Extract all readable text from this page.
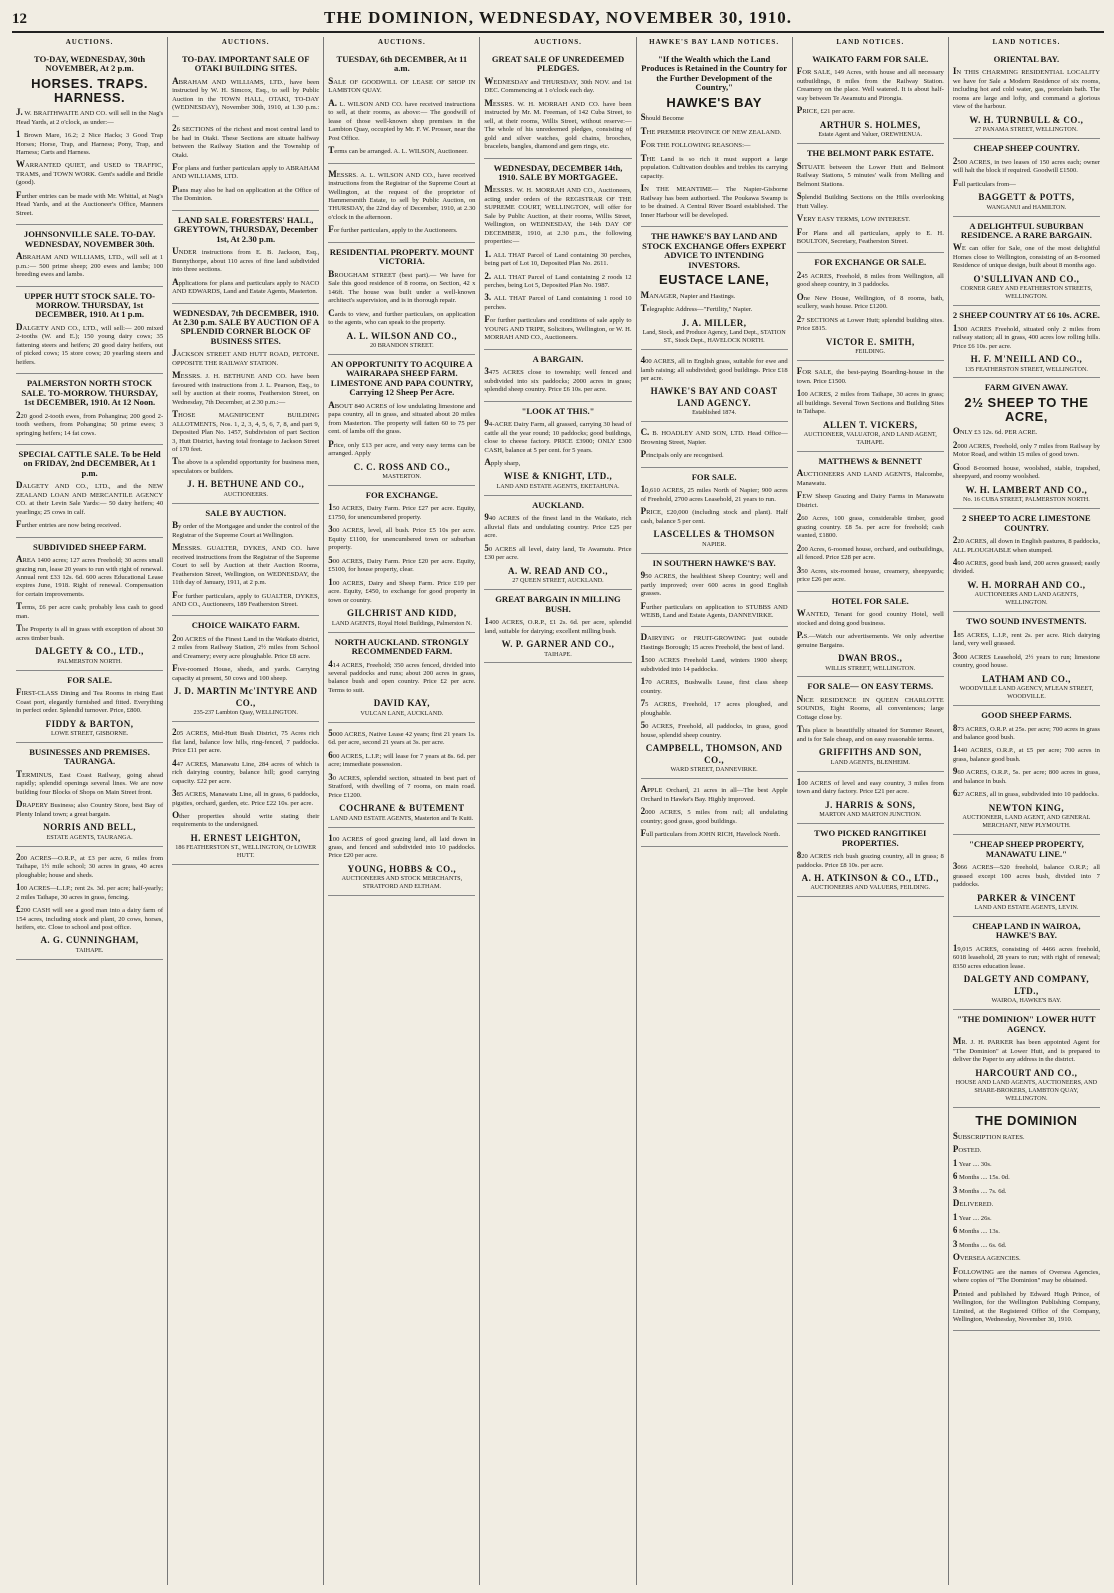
12	THE DOMINION, WEDNESDAY, NOVEMBER 30, 1910.
AUCTIONS.
TO-DAY, WEDNESDAY, 30th NOVEMBER, At 2 p.m.
HORSES. TRAPS. HARNESS.

J. W. BRAITHWAITE AND CO. will sell in the Nag's Head Yards, at 2 o'clock, as under:—

1 Brown Mare, 16.2; 2 Nice Hacks; 3 Good Trap Horses; Horse, Trap, and Harness; Pony, Trap, and Harness; Carts and Harness.

WARRANTED QUIET, and USED to TRAFFIC, TRAMS, and TOWN WORK. Gent's saddle and Bridle (good).

Further entries can be made with Mr. Whittal, at Nag's Head Yards, and at the Auctioneer's Office, Manners Street.

JOHNSONVILLE SALE. TO-DAY. WEDNESDAY, NOVEMBER 30th.

ABRAHAM AND WILLIAMS, LTD., will sell at 1 p.m.:— 500 prime sheep; 200 ewes and lambs; 100 breeding ewes and lambs.

UPPER HUTT STOCK SALE. TO-MORROW. THURSDAY, 1st DECEMBER, 1910. At 1 p.m.

DALGETY AND CO., LTD., will sell:— 200 mixed 2-tooths (W. and E.); 150 young dairy cows; 35 fattening steers and heifers; 20 good dairy heifers, out of picked cows; 15 store cows; 20 yearling steers and heifers.

PALMERSTON NORTH STOCK SALE. TO-MORROW. THURSDAY, 1st DECEMBER, 1910. At 12 Noon.

220 good 2-tooth ewes, from Pohangina; 200 good 2-tooth wethers, from Pohangina; 50 prime ewes; 3 springing heifers; 14 fat cows.

SPECIAL CATTLE SALE. To be Held on FRIDAY, 2nd DECEMBER, At 1 p.m.

DALGETY AND CO., LTD., and the NEW ZEALAND LOAN AND MERCANTILE AGENCY CO. at their Levin Sale Yards:— 50 dairy heifers; 40 yearlings; 25 cows in calf.

Further entries are now being received.

SUBDIVIDED SHEEP FARM.

AREA 1400 acres; 127 acres Freehold; 30 acres small grazing run, lease 20 years to run with right of renewal. Annual rent £33 12s. 6d. 600 acres Educational Lease expires June, 1918. Right of renewal. Compensation for certain improvements.

Terms, £6 per acre cash; probably less cash to good man.

The Property is all in grass with exception of about 30 acres timber bush.

DALGETY & CO., LTD.,
PALMERSTON NORTH.
FOR SALE.

FIRST-CLASS Dining and Tea Rooms in rising East Coast port, elegantly furnished and fitted. Everything in perfect order. Splendid turnover. Price, £800.

FIDDY & BARTON,
LOWE STREET, GISBORNE.
BUSINESSES AND PREMISES. TAURANGA.

TERMINUS, East Coast Railway, going ahead rapidly; splendid openings several lines. We are now building four Blocks of Shops on Main Street front.

DRAPERY Business; also Country Store, best Bay of Plenty Inland town; a great bargain.

NORRIS AND BELL,
ESTATE AGENTS, TAURANGA.

200 ACRES—O.R.P., at £3 per acre, 6 miles from Taihape, 1½ mile school; 30 acres in grass, 40 acres ploughable; house and sheds.

100 ACRES—L.I.P.; rent 2s. 3d. per acre; half-yearly; 2 miles Taihape, 30 acres in grass, fencing.

£200 CASH will see a good man into a dairy farm of 154 acres, including stock and plant, 20 cows, horses, heifers, etc. Close to school and post office.

A. G. CUNNINGHAM,
TAIHAPE.
AUCTIONS.
TO-DAY. IMPORTANT SALE OF OTAKI BUILDING SITES.

ABRAHAM AND WILLIAMS, LTD., have been instructed by W. H. Simcox, Esq., to sell by Public Auction in the TOWN HALL, OTAKI, TO-DAY (WEDNESDAY), November 30th, 1910, at 1.30 p.m.:—

26 SECTIONS of the richest and most central land to be had in Otaki. These Sections are situate halfway between the Railway Station and the Township of Otaki.

For plans and further particulars apply to ABRAHAM AND WILLIAMS, LTD.

Plans may also be had on application at the Office of The Dominion.

LAND SALE. FORESTERS' HALL, GREYTOWN, THURSDAY, December 1st, At 2.30 p.m.

UNDER instructions from E. B. Jackson, Esq., Bunnythorpe, about 110 acres of fine land subdivided into three sections.

Applications for plans and particulars apply to NACO AND EDWARDS, Land and Estate Agents, Masterton.

WEDNESDAY, 7th DECEMBER, 1910. At 2.30 p.m. SALE BY AUCTION OF A SPLENDID CORNER BLOCK OF BUSINESS SITES.

JACKSON STREET AND HUTT ROAD, PETONE. OPPOSITE THE RAILWAY STATION.

MESSRS. J. H. BETHUNE AND CO. have been favoured with instructions from J. L. Pearson, Esq., to sell by auction at their rooms, Featherston Street, on Wednesday, 7th December, at 2.30 p.m.:—

THOSE MAGNIFICENT BUILDING ALLOTMENTS, Nos. 1, 2, 3, 4, 5, 6, 7, 8, and part 9, Deposited Plan No. 1457, Subdivision of part Section 3, Hutt District, having total frontage to Jackson Street of 170 feet.

The above is a splendid opportunity for business men, speculators or builders.

J. H. BETHUNE AND CO.,
AUCTIONEERS.
SALE BY AUCTION.

By order of the Mortgagee and under the control of the Registrar of the Supreme Court at Wellington.

MESSRS. GUALTER, DYKES, AND CO. have received instructions from the Registrar of the Supreme Court to sell by Auction at their Auction Rooms, Featherston Street, Wellington, on WEDNESDAY, the 11th day of January, 1911, at 2 p.m.

For further particulars, apply to GUALTER, DYKES, AND CO., Auctioneers, 189 Featherston Street.

CHOICE WAIKATO FARM.

200 ACRES of the Finest Land in the Waikato district, 2 miles from Railway Station, 2½ miles from School and Creamery; every acre ploughable. Price £8 acre.

Five-roomed House, sheds, and yards. Carrying capacity at present, 50 cows and 100 sheep.

J. D. MARTIN Mc'INTYRE AND CO.,
235-237 Lambton Quay, WELLINGTON.

205 ACRES, Mid-Hutt Bush District, 75 Acres rich flat land, balance low hills, ring-fenced, 7 paddocks. Price £11 per acre.

447 ACRES, Manawatu Line, 284 acres of which is rich dairying country, balance hill; good carrying capacity. £22 per acre.

385 ACRES, Manawatu Line, all in grass, 6 paddocks, pigsties, orchard, garden, etc. Price £22 10s. per acre.

Other properties should write stating their requirements to the undersigned.

H. ERNEST LEIGHTON,
186 FEATHERSTON ST., WELLINGTON, Or LOWER HUTT.
AUCTIONS.
TUESDAY, 6th DECEMBER, At 11 a.m.

SALE OF GOODWILL OF LEASE OF SHOP IN LAMBTON QUAY.

A. L. WILSON AND CO. have received instructions to sell, at their rooms, as above:— The goodwill of lease of those well-known shop premises in the Lambton Quay, occupied by Mr. F. W. Prosser, near the Post Office.

Terms can be arranged. A. L. WILSON, Auctioneer.

MESSRS. A. L. WILSON AND CO., have received instructions from the Registrar of the Supreme Court at Wellington, at the request of the proprietor of Hammersmith Estate, to sell by Public Auction, on THURSDAY, the 22nd day of December, 1910, at 2.30 o'clock in the afternoon.

For further particulars, apply to the Auctioneers.

RESIDENTIAL PROPERTY. MOUNT VICTORIA.

BROUGHAM STREET (best part).— We have for Sale this good residence of 8 rooms, on Section, 42 x 146ft. The house was built under a well-known architect's supervision, and is in thorough repair.

Cards to view, and further particulars, on application to the agents, who can speak to the property.

A. L. WILSON AND CO.,
20 BRANDON STREET.
AN OPPORTUNITY TO ACQUIRE A WAIRARAPA SHEEP FARM. LIMESTONE AND PAPA COUNTRY, Carrying 12 Sheep Per Acre.

ABOUT 840 ACRES of low undulating limestone and papa country, all in grass, and situated about 20 miles from Masterton. The property will fatten 60 to 75 per cent. of lambs off the grass.

Price, only £13 per acre, and very easy terms can be arranged. Apply

C. C. ROSS AND CO.,
MASTERTON.
FOR EXCHANGE.

150 ACRES, Dairy Farm. Price £27 per acre. Equity, £1750, for unencumbered property.

300 ACRES, level, all bush. Price £5 10s per acre. Equity £1100, for unencumbered town or suburban property.

500 ACRES, Dairy Farm. Price £20 per acre. Equity, £5100, for house property, clear.

100 ACRES, Dairy and Sheep Farm. Price £19 per acre. Equity, £450, to exchange for good property in town or country.

GILCHRIST AND KIDD,
LAND AGENTS, Royal Hotel Buildings, Palmerston N.
NORTH AUCKLAND. STRONGLY RECOMMENDED FARM.

414 ACRES, Freehold; 350 acres fenced, divided into several paddocks and runs; about 200 acres in grass, balance bush and open country. Price £2 per acre. Terms to suit.

DAVID KAY,
VULCAN LANE, AUCKLAND.

5000 ACRES, Native Lease 42 years; first 21 years 1s. 6d. per acre, second 21 years at 3s. per acre.

600 ACRES, L.I.P.; will lease for 7 years at 8s. 6d. per acre; immediate possession.

30 ACRES, splendid section, situated in best part of Stratford, with dwelling of 7 rooms, on main road. Price £1200.

COCHRANE & BUTEMENT
LAND AND ESTATE AGENTS, Masterton and Te Kuiti.

100 ACRES of good grazing land, all laid down in grass, and fenced and subdivided into 10 paddocks. Price £20 per acre.

YOUNG, HOBBS & CO.,
AUCTIONEERS AND STOCK MERCHANTS, STRATFORD AND ELTHAM.
AUCTIONS.
GREAT SALE OF UNREDEEMED PLEDGES.

WEDNESDAY and THURSDAY, 30th NOV. and 1st DEC. Commencing at 1 o'clock each day.

MESSRS. W. H. MORRAH AND CO. have been instructed by Mr. M. Freeman, of 142 Cuba Street, to sell, at their rooms, Willis Street, without reserve:— The whole of his unredeemed pledges, consisting of gold and silver watches, gold chains, brooches, bracelets, bangles, diamond and gem rings, etc.

WEDNESDAY, DECEMBER 14th, 1910. SALE BY MORTGAGEE.

MESSRS. W. H. MORRAH AND CO., Auctioneers, acting under orders of the REGISTRAR OF THE SUPREME COURT, WELLINGTON, will offer for Sale by Public Auction, at their rooms, Willis Street, Wellington, on WEDNESDAY, the 14th DAY OF DECEMBER, 1910, at 2.30 p.m., the following properties:—

1. ALL THAT Parcel of Land containing 30 perches, being part of Lot 10, Deposited Plan No. 2611.

2. ALL THAT Parcel of Land containing 2 roods 12 perches, being Lot 5, Deposited Plan No. 1987.

3. ALL THAT Parcel of Land containing 1 rood 10 perches.

For further particulars and conditions of sale apply to YOUNG AND TRIPE, Solicitors, Wellington, or W. H. MORRAH AND CO., Auctioneers.

A BARGAIN.

3475 ACRES close to township; well fenced and subdivided into six paddocks; 2000 acres in grass; splendid sheep country. Price £6 10s. per acre.

"LOOK AT THIS."

94-ACRE Dairy Farm, all grassed, carrying 30 head of cattle all the year round; 10 paddocks; good buildings, close to cheese factory. PRICE £3900; ONLY £300 CASH, balance at 5 per cent. for 5 years.

Apply sharp,

WISE & KNIGHT, LTD.,
LAND AND ESTATE AGENTS, EKETAHUNA.
AUCKLAND.

940 ACRES of the finest land in the Waikato, rich alluvial flats and undulating country. Price £25 per acre.

50 ACRES all level, dairy land, Te Awamutu. Price £30 per acre.

A. W. READ AND CO.,
27 QUEEN STREET, AUCKLAND.
GREAT BARGAIN IN MILLING BUSH.

1400 ACRES, O.R.P., £1 2s. 6d. per acre, splendid land, suitable for dairying; excellent milling bush.

W. P. GARNER AND CO.,
TAIHAPE.
HAWKE'S BAY LAND NOTICES.
"If the Wealth which the Land Produces is Retained in the Country for the Further Development of the Country,"
HAWKE'S BAY

Should Become

THE PREMIER PROVINCE OF NEW ZEALAND.

FOR THE FOLLOWING REASONS:—

THE Land is so rich it must support a large population. Cultivation doubles and trebles its carrying capacity.

IN THE MEANTIME— The Napier-Gisborne Railway has been authorised. The Poukawa Swamp is to be drained. A Central River Board established. The Inner Harbour will be developed.

THE HAWKE'S BAY LAND AND STOCK EXCHANGE Offers EXPERT ADVICE TO INTENDING INVESTORS.
EUSTACE LANE,

MANAGER, Napier and Hastings.

Telegraphic Address—"Fertility," Napier.

J. A. MILLER,
Land, Stock, and Produce Agency, Land Dept., STATION ST., Stock Dept., HAVELOCK NORTH.

400 ACRES, all in English grass, suitable for ewe and lamb raising; all subdivided; good buildings. Price £18 per acre.

HAWKE'S BAY AND COAST LAND AGENCY.
Established 1874.

C. B. HOADLEY AND SON, LTD. Head Office—Browning Street, Napier.

Principals only are recognised.

FOR SALE.

10,610 ACRES, 25 miles North of Napier; 900 acres of Freehold, 2700 acres Leasehold, 21 years to run.

PRICE, £20,000 (including stock and plant). Half cash, balance 5 per cent.

LASCELLES & THOMSON
NAPIER.
IN SOUTHERN HAWKE'S BAY.

950 ACRES, the healthiest Sheep Country; well and partly improved; over 600 acres in good English grasses.

Further particulars on application to STUBBS AND WEBB, Land and Estate Agents, DANNEVIRKE.

DAIRYING or FRUIT-GROWING just outside Hastings Borough; 15 acres Freehold, the best of land.

1500 ACRES Freehold Land, winters 1900 sheep; subdivided into 14 paddocks.

170 ACRES, Bushwalls Lease, first class sheep country.

75 ACRES, Freehold, 17 acres ploughed, and ploughable.

50 ACRES, Freehold, all paddocks, in grass, good house, splendid sheep country.

CAMPBELL, THOMSON, AND CO.,
WARD STREET, DANNEVIRKE.

APPLE Orchard, 21 acres in all—The best Apple Orchard in Hawke's Bay. Highly improved.

2000 ACRES, 5 miles from rail; all undulating country; good grass, good buildings.

Full particulars from JOHN RICH, Havelock North.

LAND NOTICES.
WAIKATO FARM FOR SALE.

FOR SALE, 149 Acres, with house and all necessary outbuildings, 8 miles from the Railway Station. Creamery on the place. Well watered. It is about half-way between Te Awamutu and Pirongia.

PRICE, £21 per acre.

ARTHUR S. HOLMES,
Estate Agent and Valuer, OREWHENUA.
THE BELMONT PARK ESTATE.

SITUATE between the Lower Hutt and Belmont Railway Stations, 5 minutes' walk from Melling and Belmont Stations.

Splendid Building Sections on the Hills overlooking Hutt Valley.

VERY EASY TERMS, LOW INTEREST.

For Plans and all particulars, apply to E. H. BOULTON, Secretary, Featherston Street.

FOR EXCHANGE OR SALE.

245 ACRES, Freehold, 8 miles from Wellington, all good sheep country, in 3 paddocks.

One New House, Wellington, of 8 rooms, bath, scullery, wash house. Price £1200.

27 SECTIONS at Lower Hutt; splendid building sites. Price £815.

VICTOR E. SMITH,
FEILDING.

FOR SALE, the best-paying Boarding-house in the town. Price £1500.

100 ACRES, 2 miles from Taihape, 30 acres in grass; all buildings. Several Town Sections and Building Sites in Taihape.

ALLEN T. VICKERS,
AUCTIONEER, VALUATOR, AND LAND AGENT, TAIHAPE.
MATTHEWS & BENNETT

AUCTIONEERS AND LAND AGENTS, Halcombe, Manawatu.

FEW Sheep Grazing and Dairy Farms in Manawatu District.

260 Acres, 100 grass, considerable timber, good grazing country. £8 5s. per acre for freehold; cash wanted, £1800.

200 Acres, 6-roomed house, orchard, and outbuildings, all fenced. Price £28 per acre.

350 Acres, six-roomed house, creamery, sheepyards; price £26 per acre.

HOTEL FOR SALE.

WANTED, Tenant for good country Hotel, well stocked and doing good business.

P.S.—Watch our advertisements. We only advertise genuine Bargains.

DWAN BROS.,
WILLIS STREET, WELLINGTON.
FOR SALE— ON EASY TERMS.

NICE RESIDENCE IN QUEEN CHARLOTTE SOUNDS, Eight Rooms, all conveniences; large Cottage close by.

This place is beautifully situated for Summer Resort, and is for Sale cheap, and on easy reasonable terms.

GRIFFITHS AND SON,
LAND AGENTS, BLENHEIM.

100 ACRES of level and easy country, 3 miles from town and dairy factory. Price £21 per acre.

J. HARRIS & SONS,
MARTON AND MARTON JUNCTION.
TWO PICKED RANGITIKEI PROPERTIES.

820 ACRES rich bush grazing country, all in grass; 8 paddocks. Price £8 10s. per acre.

A. H. ATKINSON & CO., LTD.,
AUCTIONEERS AND VALUERS, FEILDING.
LAND NOTICES.
ORIENTAL BAY.

IN THIS CHARMING RESIDENTIAL LOCALITY we have for Sale a Modern Residence of six rooms, including hot and cold water, gas, porcelain bath. The rooms are large and lofty, and command a glorious view of the harbour.

W. H. TURNBULL & CO.,
27 PANAMA STREET, WELLINGTON.
CHEAP SHEEP COUNTRY.

2500 ACRES, in two leases of 150 acres each; owner will halt the block if required. Goodwill £1500.

Full particulars from—

BAGGETT & POTTS,
WANGANUI and HAMILTON.
A DELIGHTFUL SUBURBAN RESIDENCE. A RARE BARGAIN.

WE can offer for Sale, one of the most delightful Homes close to Wellington, consisting of an 8-roomed Residence of unique design, built about 8 months ago.

O'SULLIVAN AND CO.,
CORNER GREY AND FEATHERSTON STREETS, WELLINGTON.
2 SHEEP COUNTRY AT £6 10s. ACRE.

1300 ACRES Freehold, situated only 2 miles from railway station; all in grass, 400 acres low rolling hills. Price £6 10s. per acre.

H. F. M'NEILL AND CO.,
135 FEATHERSTON STREET, WELLINGTON.
FARM GIVEN AWAY.
2½ SHEEP TO THE ACRE,

ONLY £3 12s. 6d. PER ACRE.

2000 ACRES, Freehold, only 7 miles from Railway by Motor Road, and within 15 miles of good town.

Good 8-roomed house, woolshed, stable, trapshed, sheepyard, and roomy woolshed.

W. H. LAMBERT AND CO.,
No. 16 CUBA STREET, PALMERSTON NORTH.
2 SHEEP TO ACRE LIMESTONE COUNTRY.

220 ACRES, all down in English pastures, 8 paddocks, ALL PLOUGHABLE when stumped.

490 ACRES, good bush land, 200 acres grassed; easily divided.

W. H. MORRAH AND CO.,
AUCTIONEERS AND LAND AGENTS, WELLINGTON.
TWO SOUND INVESTMENTS.

185 ACRES, L.I.P., rent 2s. per acre. Rich dairying land, very well grassed.

3000 ACRES Leasehold, 2½ years to run; limestone country, good house.

LATHAM AND CO.,
WOODVILLE LAND AGENCY, M'LEAN STREET, WOODVILLE.
GOOD SHEEP FARMS.

873 ACRES, O.R.P. at 25s. per acre; 700 acres in grass and balance good bush.

1440 ACRES, O.R.P., at £5 per acre; 700 acres in grass, balance good bush.

960 ACRES, O.R.P., 5s. per acre; 800 acres in grass, and balance in bush.

627 ACRES, all in grass, subdivided into 10 paddocks.

NEWTON KING,
AUCTIONEER, LAND AGENT, AND GENERAL MERCHANT, NEW PLYMOUTH.
"CHEAP SHEEP PROPERTY, MANAWATU LINE."

3066 ACRES—520 freehold, balance O.R.P.; all grassed except 100 acres bush, divided into 7 paddocks.

PARKER & VINCENT
LAND AND ESTATE AGENTS, LEVIN.
CHEAP LAND IN WAIROA, HAWKE'S BAY.

19,015 ACRES, consisting of 4466 acres freehold, 6018 leasehold, 28 years to run; with right of renewal; 8350 acres education lease.

DALGETY AND COMPANY, LTD.,
WAIROA, HAWKE'S BAY.
"THE DOMINION" LOWER HUTT AGENCY.

MR. J. H. PARKER has been appointed Agent for "The Dominion" at Lower Hutt, and is prepared to deliver the Paper to any address in the district.

HARCOURT AND CO.,
HOUSE AND LAND AGENTS, AUCTIONEERS, AND SHARE-BROKERS, LAMBTON QUAY, WELLINGTON.
THE DOMINION

SUBSCRIPTION RATES.

POSTED.

1 Year .... 30s.

6 Months .... 15s. 0d.

3 Months .... 7s. 6d.

DELIVERED.

1 Year .... 26s.

6 Months .... 13s.

3 Months .... 6s. 6d.

OVERSEA AGENCIES.

FOLLOWING are the names of Oversea Agencies, where copies of "The Dominion" may be obtained.

Printed and published by Edward Hugh Prince, of Wellington, for the Wellington Publishing Company, Limited, at the Registered Office of the Company, Wellington, Wednesday, November 30, 1910.
